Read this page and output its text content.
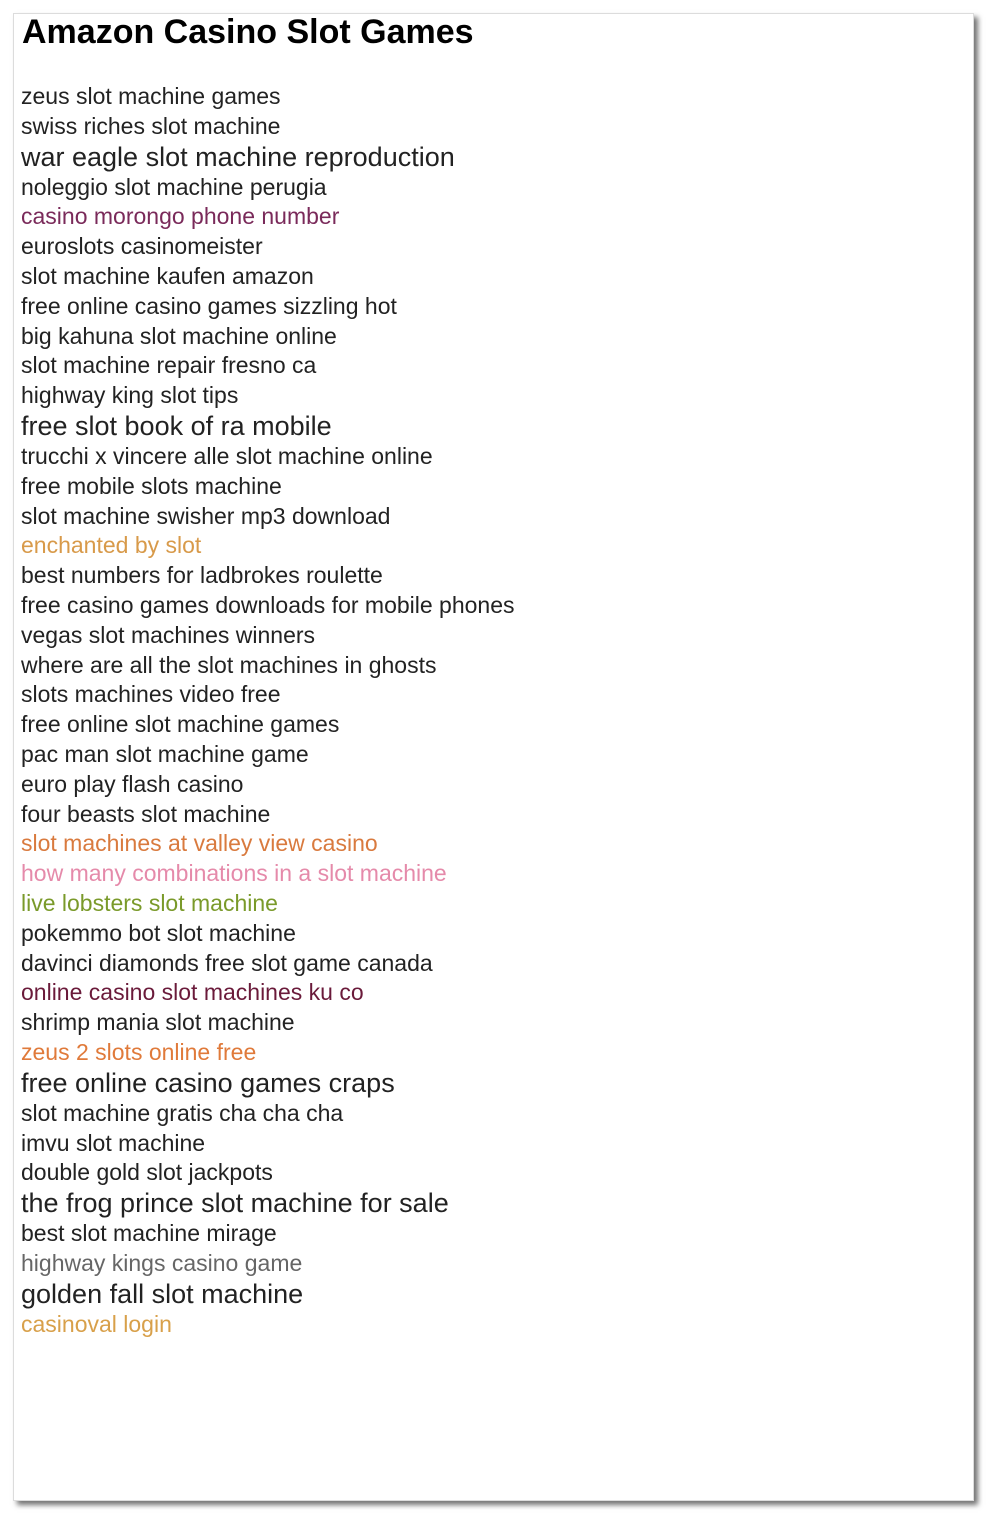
Amazon Casino Slot Games
zeus slot machine games
swiss riches slot machine
war eagle slot machine reproduction
noleggio slot machine perugia
casino morongo phone number
euroslots casinomeister
slot machine kaufen amazon
free online casino games sizzling hot
big kahuna slot machine online
slot machine repair fresno ca
highway king slot tips
free slot book of ra mobile
trucchi x vincere alle slot machine online
free mobile slots machine
slot machine swisher mp3 download
enchanted by slot
best numbers for ladbrokes roulette
free casino games downloads for mobile phones
vegas slot machines winners
where are all the slot machines in ghosts
slots machines video free
free online slot machine games
pac man slot machine game
euro play flash casino
four beasts slot machine
slot machines at valley view casino
how many combinations in a slot machine
live lobsters slot machine
pokemmo bot slot machine
davinci diamonds free slot game canada
online casino slot machines ku co
shrimp mania slot machine
zeus 2 slots online free
free online casino games craps
slot machine gratis cha cha cha
imvu slot machine
double gold slot jackpots
the frog prince slot machine for sale
best slot machine mirage
highway kings casino game
golden fall slot machine
casinoval login
